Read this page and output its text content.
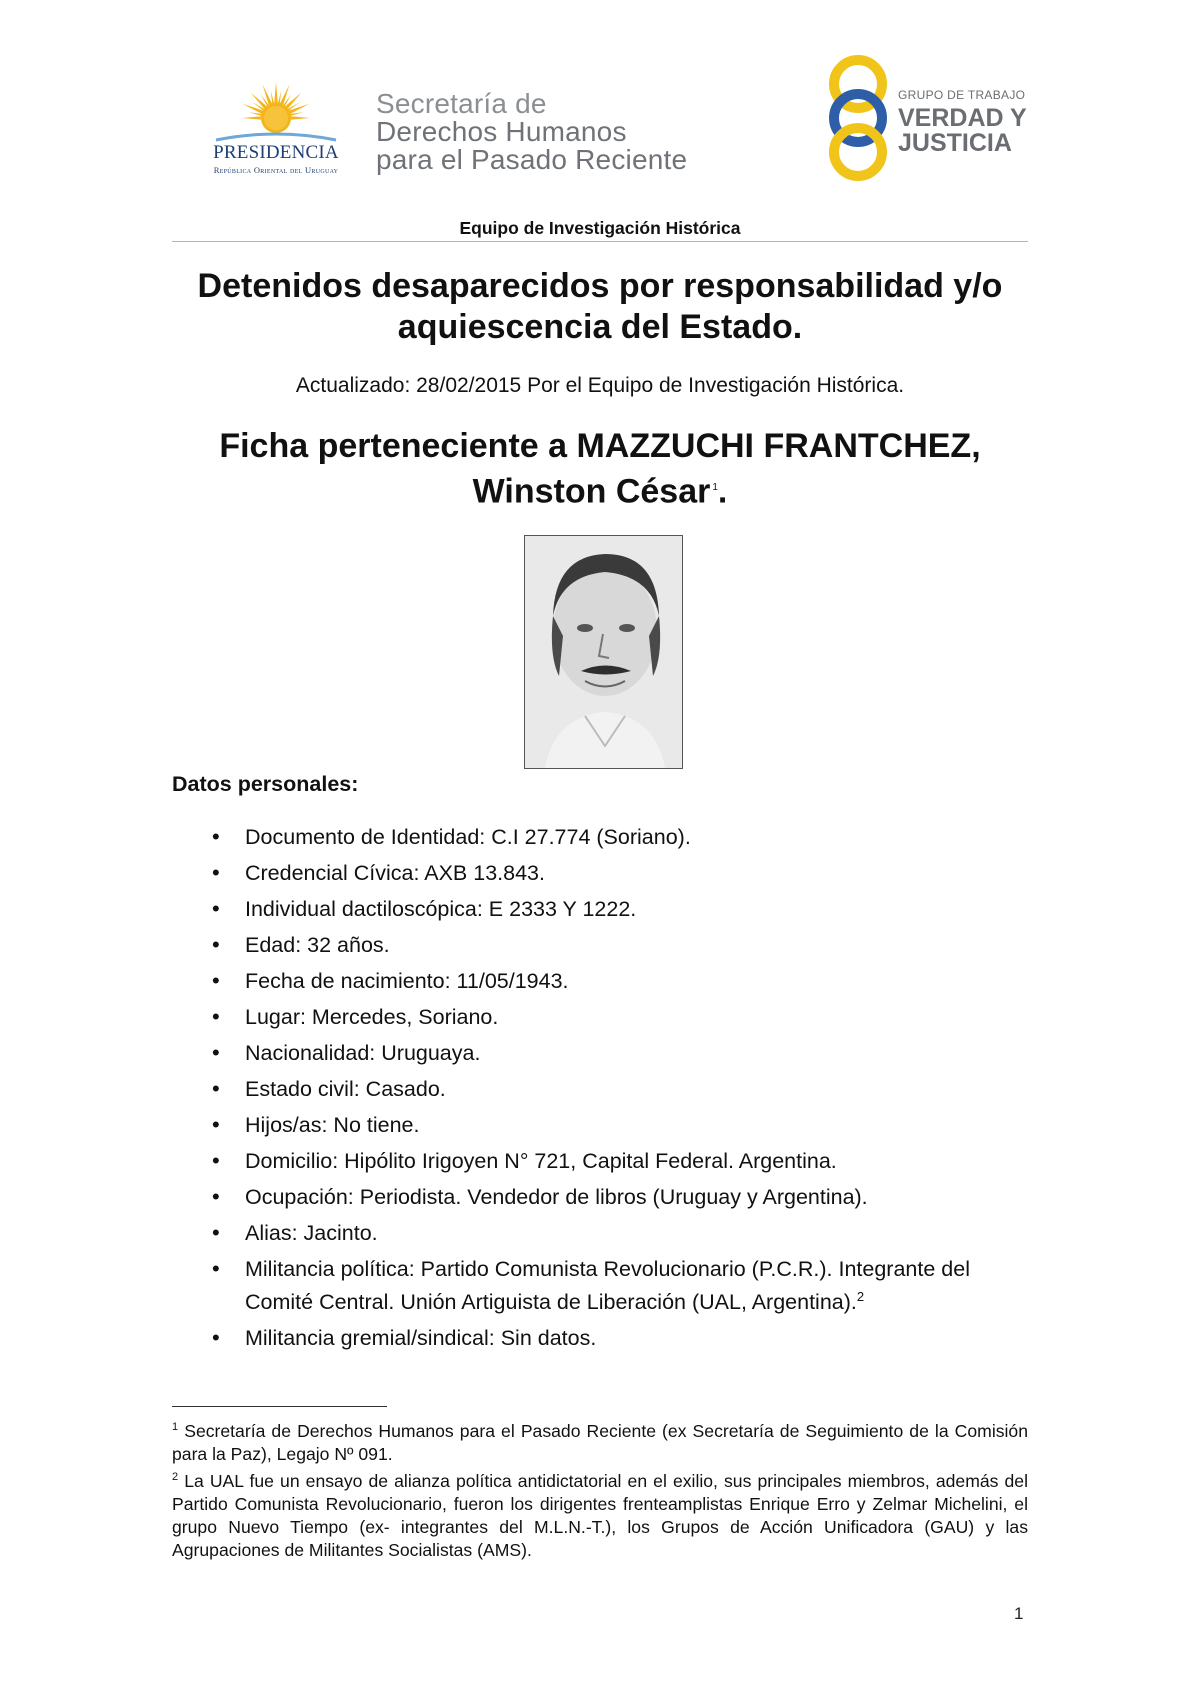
PRESIDENCIA
República Oriental del Uruguay
Secretaría de
Derechos Humanos
para el Pasado Reciente
GRUPO DE TRABAJO
VERDAD Y
JUSTICIA
Equipo de Investigación Histórica
Detenidos desaparecidos por responsabilidad y/o aquiescencia del Estado.
Actualizado: 28/02/2015 Por el Equipo de Investigación Histórica.
Ficha perteneciente a MAZZUCHI FRANTCHEZ, Winston César $^1$.
Datos personales:
• Documento de Identidad: C.I 27.774 (Soriano).
• Credencial Cívica: AXB 13.843.
• Individual dactiloscópica: E 2333 Y 1222.
• Edad: 32 años.
• Fecha de nacimiento: 11/05/1943.
• Lugar: Mercedes, Soriano.
• Nacionalidad: Uruguaya.
• Estado civil: Casado.
• Hijos/as: No tiene.
• Domicilio: Hipólito Irigoyen N° 721, Capital Federal. Argentina.
• Ocupación: Periodista. Vendedor de libros (Uruguay y Argentina).
• Alias: Jacinto.
• Militancia política: Partido Comunista Revolucionario (P.C.R.). Integrante del Comité Central. Unión Artiguista de Liberación (UAL, Argentina).$^2$
• Militancia gremial/sindical: Sin datos.

$^1$ Secretaría de Derechos Humanos para el Pasado Reciente (ex Secretaría de Seguimiento de la Comisión para la Paz), Legajo Nº 091.

$^2$ La UAL fue un ensayo de alianza política antidictatorial en el exilio, sus principales miembros, además del Partido Comunista Revolucionario, fueron los dirigentes frenteamplistas Enrique Erro y Zelmar Michelini, el grupo Nuevo Tiempo (ex- integrantes del M.L.N.-T.), los Grupos de Acción Unificadora (GAU) y las Agrupaciones de Militantes Socialistas (AMS).

1
